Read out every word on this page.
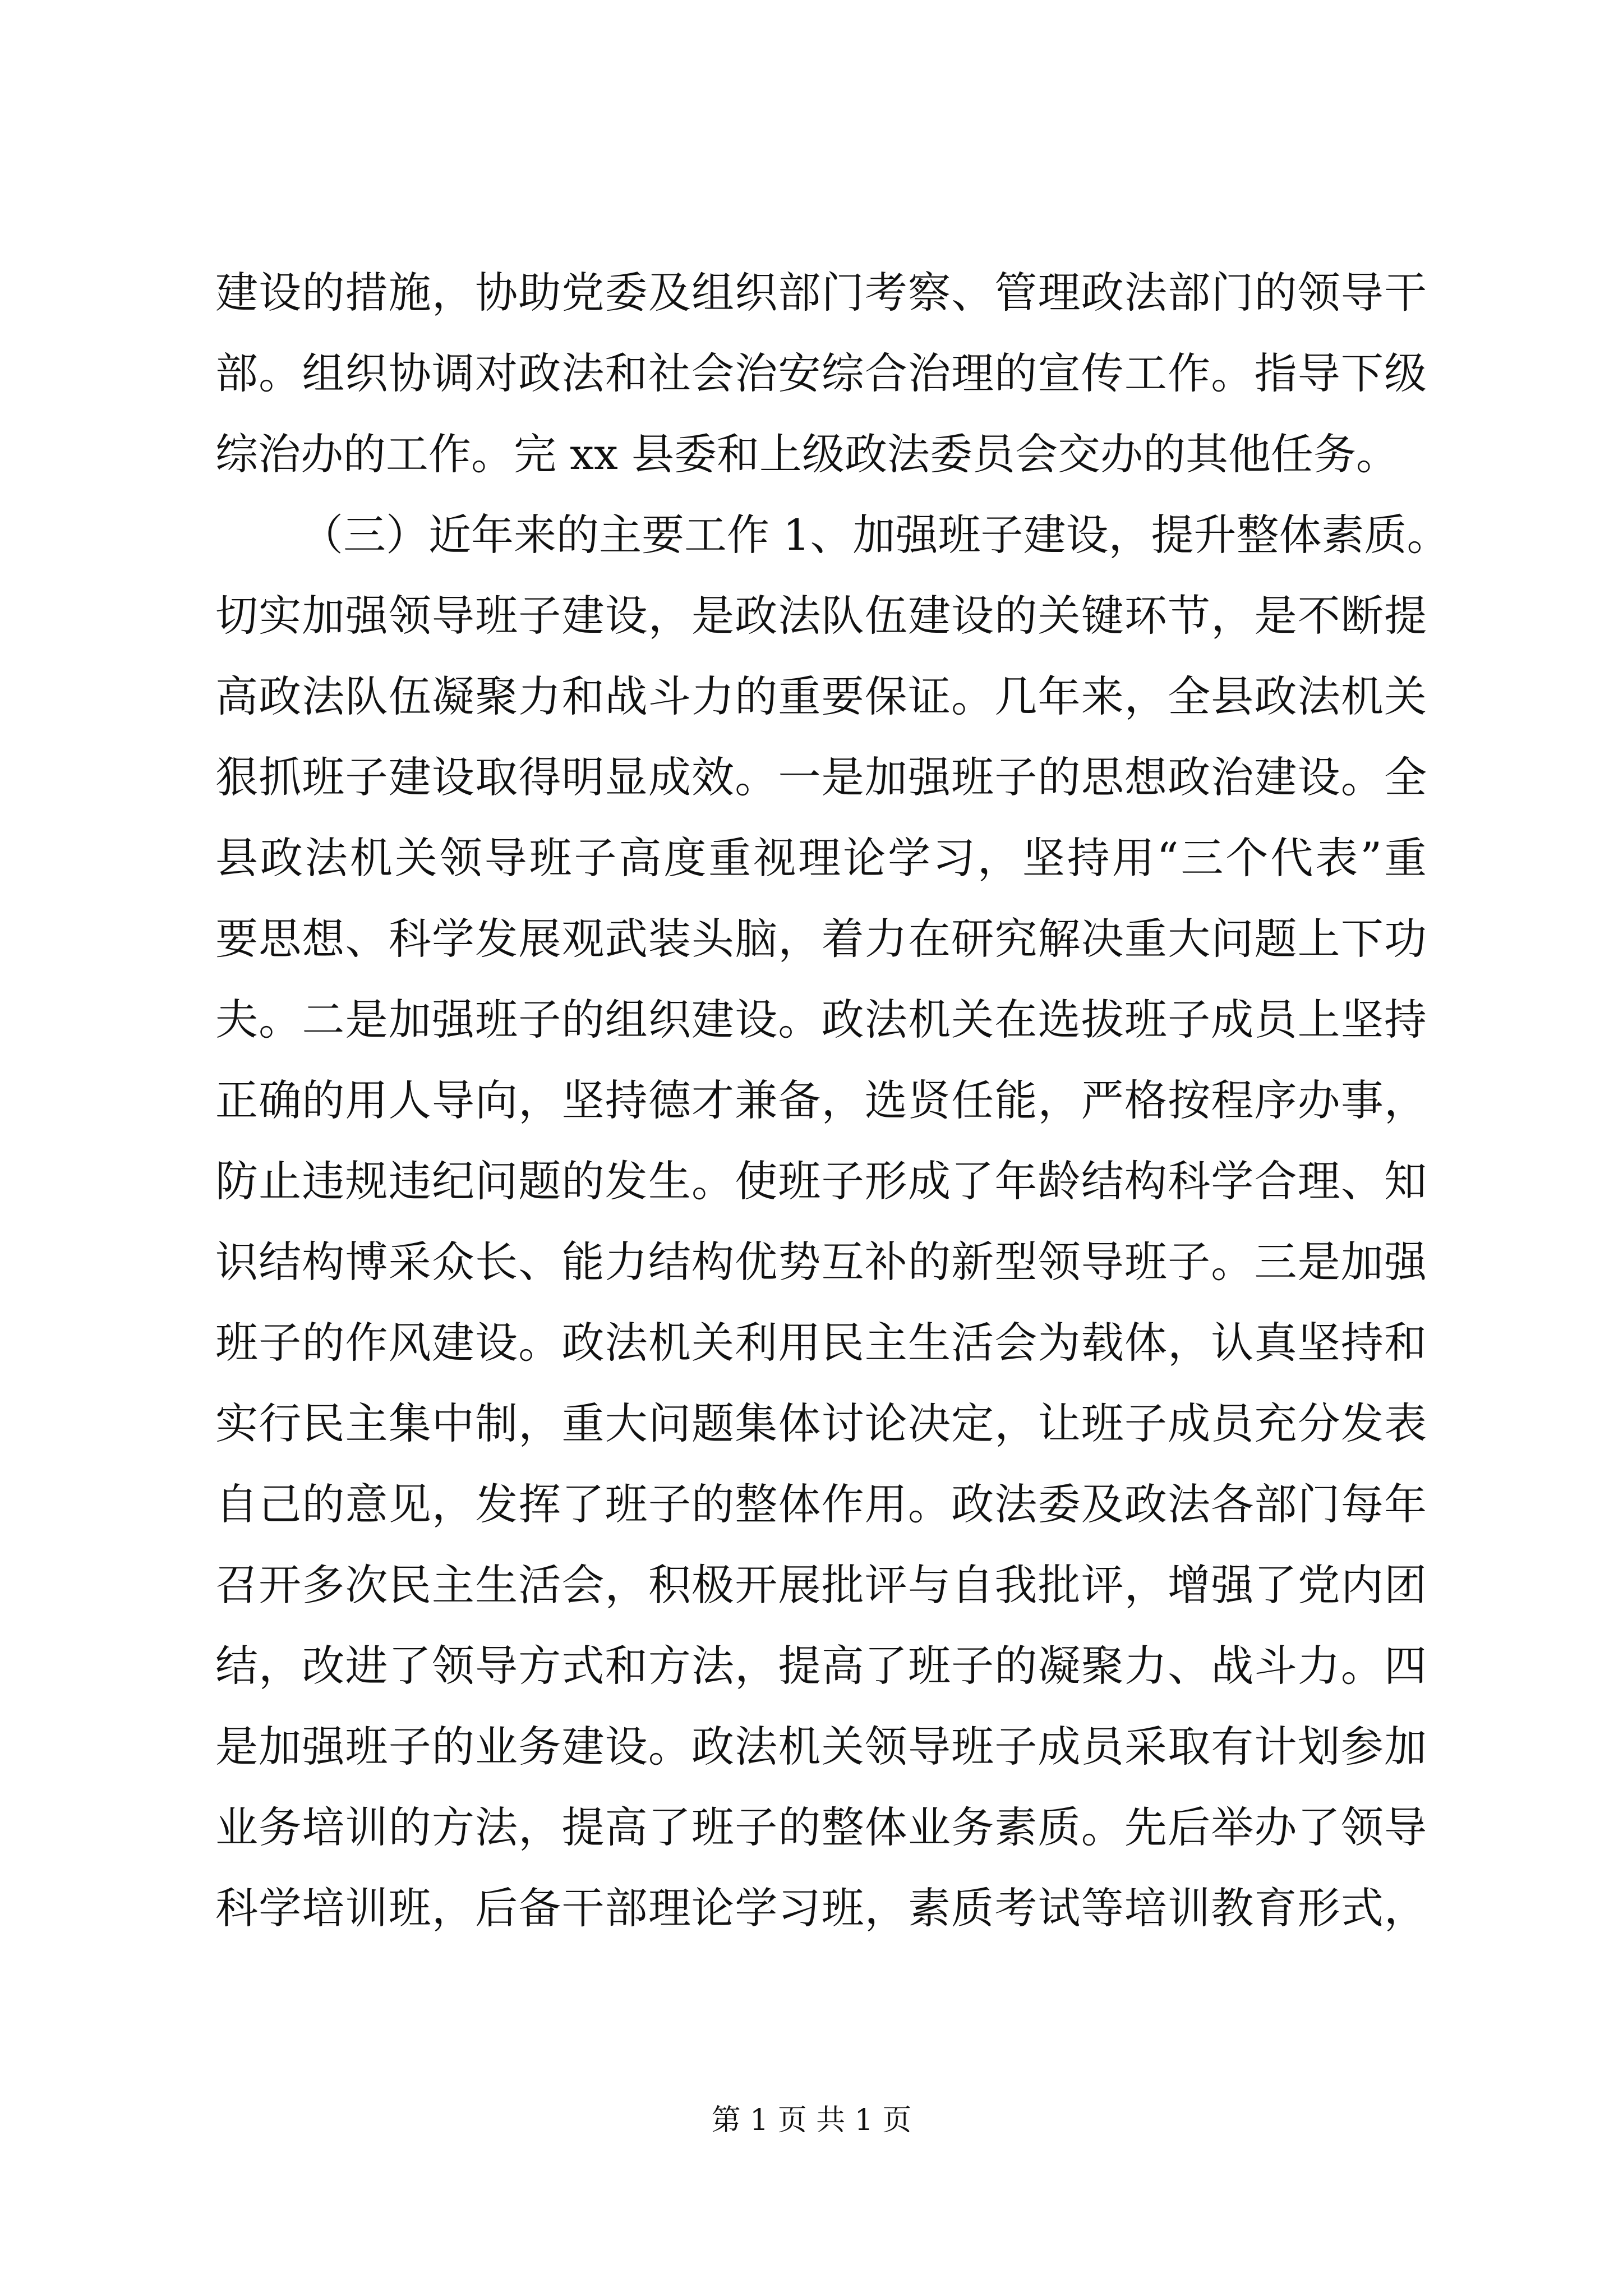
建设的措施，协助党委及组织部门考察、管理政法部门的领导干
部。组织协调对政法和社会治安综合治理的宣传工作。指导下级
综治办的工作。完 xx 县委和上级政法委员会交办的其他任务。
（三）近年来的主要工作 1、加强班子建设，提升整体素质。
切实加强领导班子建设，是政法队伍建设的关键环节，是不断提
高政法队伍凝聚力和战斗力的重要保证。几年来，全县政法机关
狠抓班子建设取得明显成效。一是加强班子的思想政治建设。全
县政法机关领导班子高度重视理论学习，坚持用“三个代表”重
要思想、科学发展观武装头脑，着力在研究解决重大问题上下功
夫。二是加强班子的组织建设。政法机关在选拔班子成员上坚持
正确的用人导向，坚持德才兼备，选贤任能，严格按程序办事，
防止违规违纪问题的发生。使班子形成了年龄结构科学合理、知
识结构博采众长、能力结构优势互补的新型领导班子。三是加强
班子的作风建设。政法机关利用民主生活会为载体，认真坚持和
实行民主集中制，重大问题集体讨论决定，让班子成员充分发表
自己的意见，发挥了班子的整体作用。政法委及政法各部门每年
召开多次民主生活会，积极开展批评与自我批评，增强了党内团
结，改进了领导方式和方法，提高了班子的凝聚力、战斗力。四
是加强班子的业务建设。政法机关领导班子成员采取有计划参加
业务培训的方法，提高了班子的整体业务素质。先后举办了领导
科学培训班，后备干部理论学习班，素质考试等培训教育形式，
第 1 页 共 1 页
